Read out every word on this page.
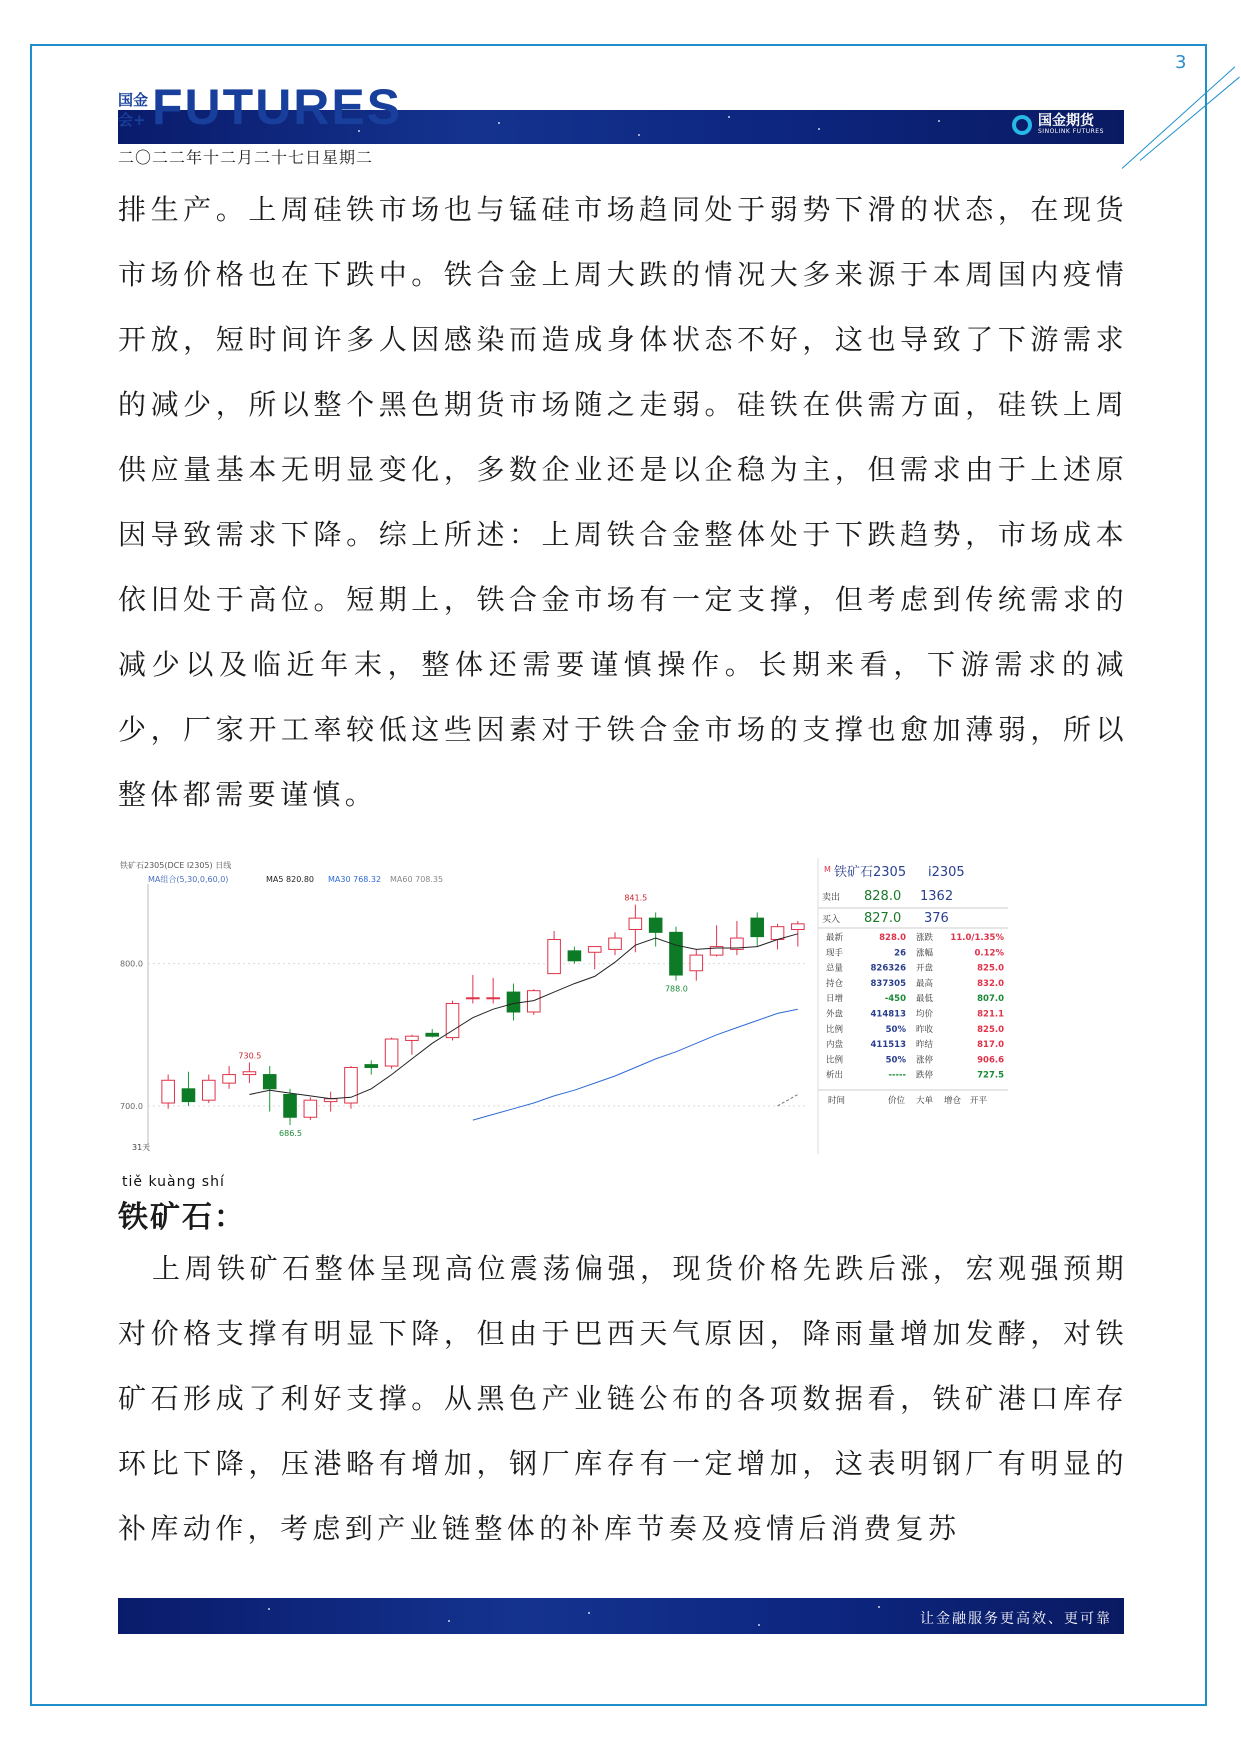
3
国金期货
SINOLINK FUTURES
国金会+ FUTURES
二〇二二年十二月二十七日星期二

排生产。上周硅铁市场也与锰硅市场趋同处于弱势下滑的状态，在现货市场价格也在下跌中。铁合金上周大跌的情况大多来源于本周国内疫情开放，短时间许多人因感染而造成身体状态不好，这也导致了下游需求的减少，所以整个黑色期货市场随之走弱。硅铁在供需方面，硅铁上周供应量基本无明显变化，多数企业还是以企稳为主，但需求由于上述原因导致需求下降。综上所述：上周铁合金整体处于下跌趋势，市场成本依旧处于高位。短期上，铁合金市场有一定支撑，但考虑到传统需求的减少以及临近年末，整体还需要谨慎操作。长期来看，下游需求的减少，厂家开工率较低这些因素对于铁合金市场的支撑也愈加薄弱，所以整体都需要谨慎。

铁矿石2305(DCE I2305) 日线
MA组合(5,30,0,60,0)	MA5 820.80 MA30 768.32 MA60 708.35
700.0
800.0
31天
730.5
686.5
841.5
788.0
M 铁矿石2305 i2305
卖出 828.0 1362
买入 827.0 376
最新	828.0 涨跌 11.0/1.35%
现手	26 涨幅	0.12%
总量	826326 开盘	825.0
持仓	837305 最高	832.0
日增	-450 最低	807.0
外盘	414813 均价	821.1
比例	50% 昨收	825.0
内盘	411513 昨结	817.0
比例	50% 涨停	906.6
析出	----- 跌停	727.5
时间	价位 大单 增仓 开平
tiě kuàng shí
铁矿石：

上周铁矿石整体呈现高位震荡偏强，现货价格先跌后涨，宏观强预期对价格支撑有明显下降，但由于巴西天气原因，降雨量增加发酵，对铁矿石形成了利好支撑。从黑色产业链公布的各项数据看，铁矿港口库存环比下降，压港略有增加，钢厂库存有一定增加，这表明钢厂有明显的补库动作，考虑到产业链整体的补库节奏及疫情后消费复苏

让金融服务更高效、更可靠
